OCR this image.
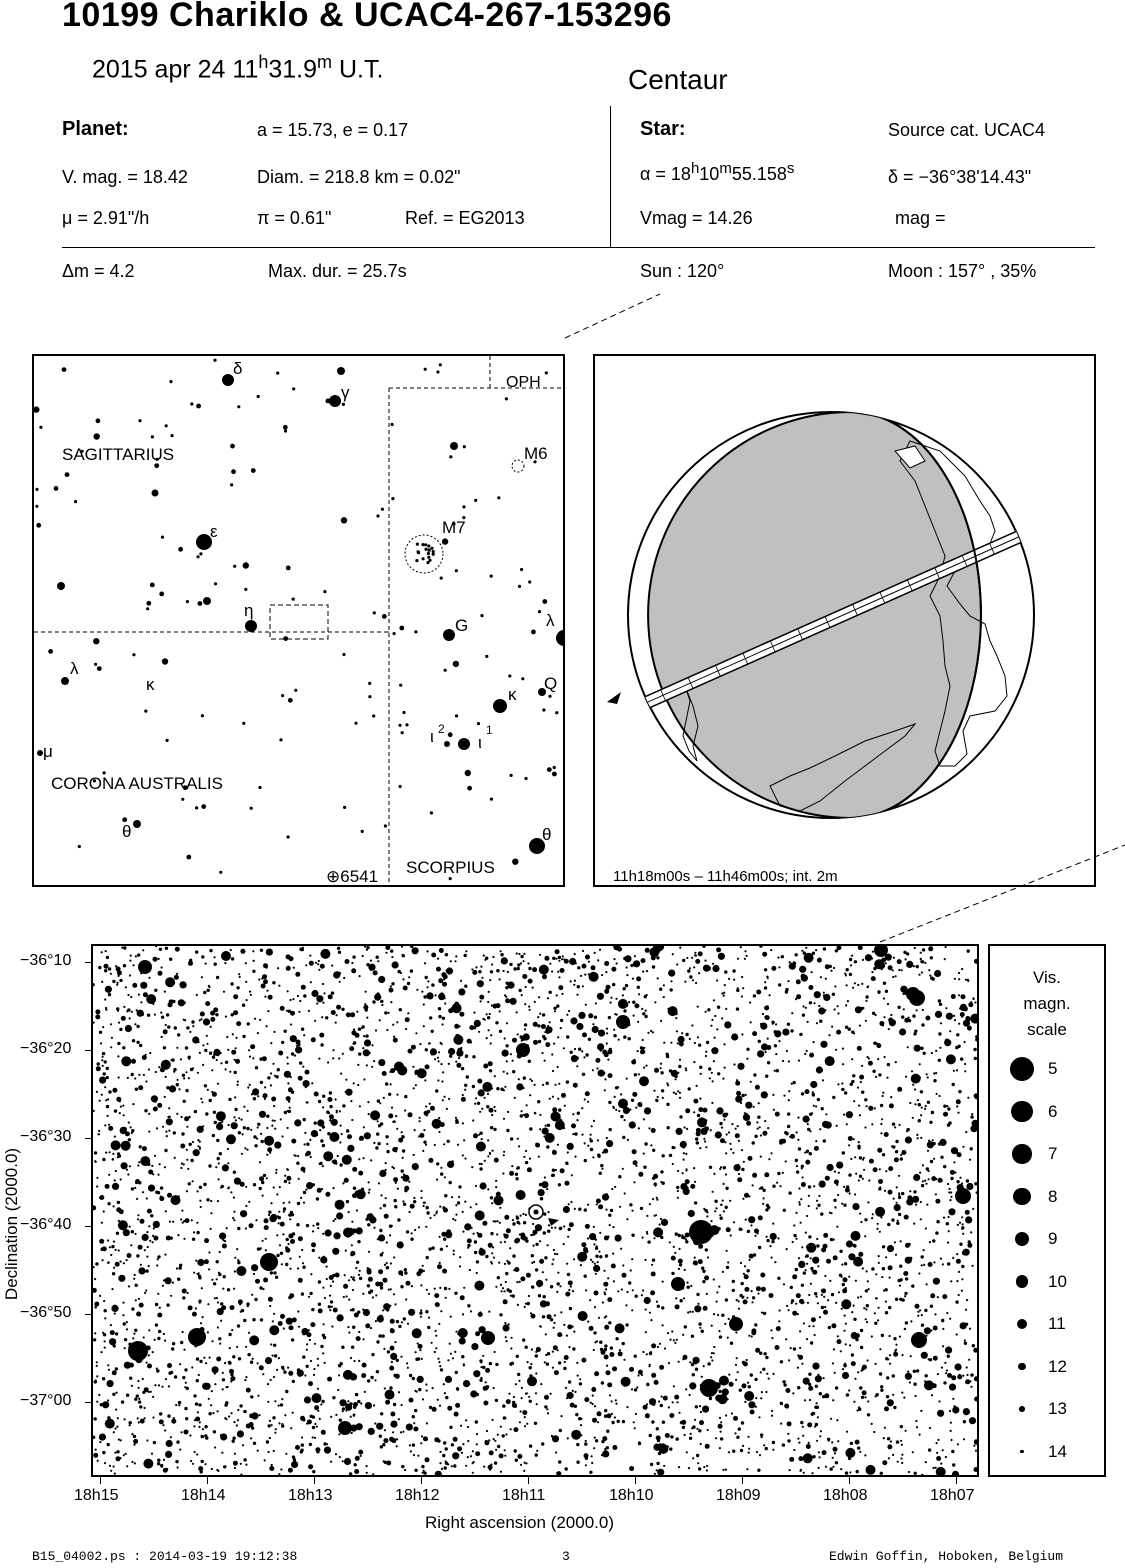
10199 Chariklo & UCAC4-267-153296
2015 apr 24 11$^h$31.9$^m$ U.T.	Centaur
Planet:	a = 15.73, e = 0.17
V. mag. = 18.42	Diam. = 218.8 km = 0.02"
μ = 2.91"/h	π = 0.61"	Ref. = EG2013
Star:	Source cat. UCAC4
$\alpha = 18^h10^m55.158^s$	δ = −36°38'14.43"
Vmag = 14.26	mag =
Δm = 4.2	Max. dur. = 25.7s	Sun : 120°	Moon : 157° , 35%
⊕6541
SAGITTARIUS
OPH
M6
M7
G
Q
CORONA AUSTRALIS
SCORPIUS
δ
γ
ε
η
λ
λ
κ
μ
θ
κ
ι 2
ι
1
θ
11h18m00s – 11h46m00s; int. 2m
−36°10
−36°20
−36°30
−36°40
−36°50
−37°00
18h15	18h14	18h13	18h12	18h11	18h10	18h09	18h08	18h07
Declination (2000.0)
Right ascension (2000.0)
Vis.
magn.
scale
5
6
7
8
9
10
11
12
13
14
B15_04002.ps : 2014-03-19 19:12:38	3	Edwin Goffin, Hoboken, Belgium
